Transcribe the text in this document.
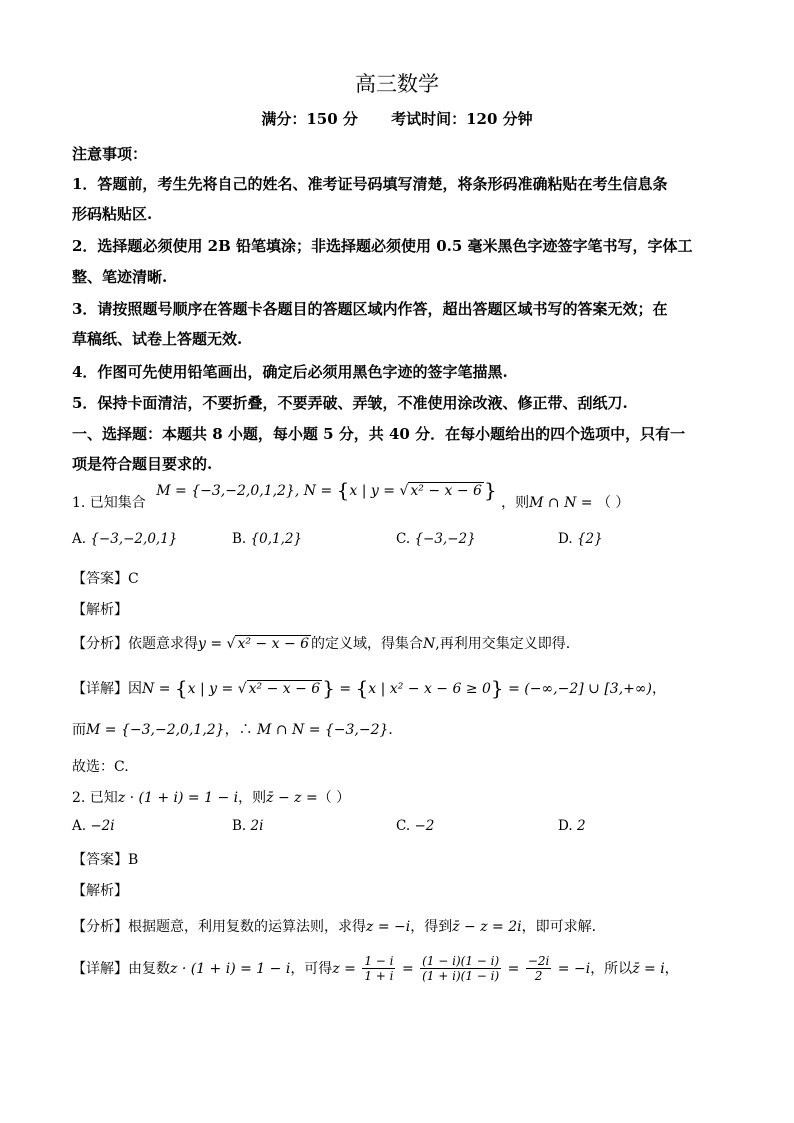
高三数学
满分：150 分 考试时间：120 分钟
注意事项：
1．答题前，考生先将自己的姓名、准考证号码填写清楚，将条形码准确粘贴在考生信息条
形码粘贴区.
2．选择题必须使用 2B 铅笔填涂；非选择题必须使用 0.5 毫米黑色字迹签字笔书写，字体工
整、笔迹清晰.
3．请按照题号顺序在答题卡各题目的答题区域内作答，超出答题区域书写的答案无效；在
草稿纸、试卷上答题无效.
4．作图可先使用铅笔画出，确定后必须用黑色字迹的签字笔描黑.
5．保持卡面清洁，不要折叠，不要弄破、弄皱，不准使用涂改液、修正带、刮纸刀.
一、选择题：本题共 8 小题，每小题 5 分，共 40 分．在每小题给出的四个选项中，只有一
项是符合题目要求的.
1. 已知集合 M = {−3,−2,0,1,2}, N = {x | y = √ x² − x − 6 } ，则M ∩ N = （ ）
A. {−3,−2,0,1}	B. {0,1,2}	C. {−3,−2}	D. {2}
【答案】C
【解析】
【分析】依题意求得y = √ x² − x − 6 的定义域，得集合N,再利用交集定义即得.
【详解】因N = {x | y = √ x² − x − 6 } = {x | x² − x − 6 ≥ 0} = (−∞,−2] ∪ [3,+∞)，
而M = {−3,−2,0,1,2}，∴ M ∩ N = {−3,−2}．
故选：C.
2. 已知z · (1 + i) = 1 − i，则z̄ − z =（ ）
A. −2i	B. 2i	C. −2	D. 2
【答案】B
【解析】
【分析】根据题意，利用复数的运算法则，求得z = −i，得到z̄ − z = 2i，即可求解.
【详解】由复数z · (1 + i) = 1 − i，可得$z = \frac{1 - i}{1 + i} = \frac{(1 - i)(1 - i)}{(1 + i)(1 - i)} = \frac{-2i}{2} = -i$，所以z̄ = i，
